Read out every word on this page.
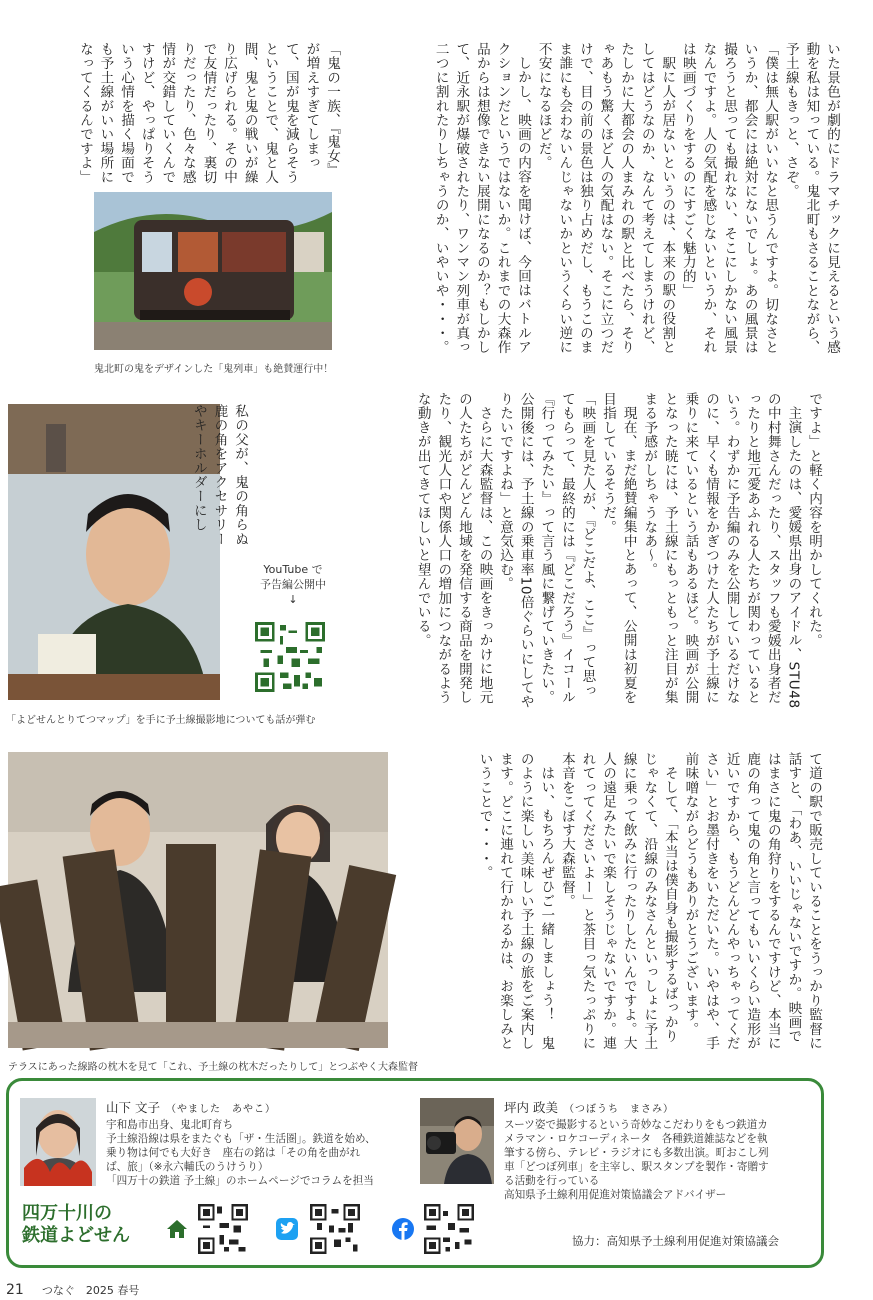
いた景色が劇的にドラマチックに見えるという感動を私は知っている。鬼北町もさることながら、予土線もきっと、さぞ。

「僕は無人駅がいいなと思うんですよ。切なさというか、都会には絶対にないでしょ。あの風景は撮ろうと思っても撮れない、そこにしかない風景なんですよ。人の気配を感じないというか、それは映画づくりをするのにすごく魅力的」

駅に人が居ないというのは、本来の駅の役割としてはどうなのか、なんて考えてしまうけれど、たしかに大都会の人まみれの駅と比べたら、そりゃあもう驚くほど人の気配はない。そこに立つだけで、目の前の景色は独り占めだし、もうこのまま誰にも会わないんじゃないかというくらい逆に不安になるほどだ。

しかし、映画の内容を聞けば、今回はバトルアクションだというではないか。これまでの大森作品からは想像できない展開になるのか？もしかして、近永駅が爆破されたり、ワンマン列車が真っ二つに割れたりしちゃうのか、いやいや・・・。

「鬼の一族、『鬼女』が増えすぎてしまって、国が鬼を減らそうということで、鬼と人間、鬼と鬼の戦いが繰り広げられる。その中で友情だったり、裏切りだったり、色々な感情が交錯していくんですけど、やっぱりそういう心情を描く場面でも予土線がいい場所になってくるんですよ」

鬼北町の鬼をデザインした「鬼列車」も絶賛運行中！

ですよ」と軽く内容を明かしてくれた。

主演したのは、愛媛県出身のアイドル、STU48の中村舞さんだったり、スタッフも愛媛出身者だったりと地元愛あふれる人たちが関わっているという。わずかに予告編のみを公開しているだけなのに、早くも情報をかぎつけた人たちが予土線に乗りに来ているという話もあるほど。映画が公開となった暁には、予土線にもっともっと注目が集まる予感がしちゃうなあ〜。

現在、まだ絶賛編集中とあって、公開は初夏を目指しているそうだ。

「映画を見た人が、『どこだよ、ここ』って思ってもらって、最終的には『どこだろう』イコール『行ってみたい』って言う風に繋げていきたい。公開後には、予土線の乗車率10倍ぐらいにしてやりたいですよね」と意気込む。

さらに大森監督は、この映画をきっかけに地元の人たちがどんどん地域を発信する商品を開発したり、観光人口や関係人口の増加につながるような動きが出てきてほしいと望んでいる。

「よどせんとりてつマップ」を手に予土線撮影地についても話が弾む

私の父が、鬼の角らぬ鹿の角をアクセサリーやキーホルダーにし

YouTube で
予告編公開中
↓
テラスにあった線路の枕木を見て「これ、予土線の枕木だったりして」とつぶやく大森監督

て道の駅で販売していることをうっかり監督に話すと、「わあ、いいじゃないですか。映画ではまさに鬼の角狩りをするんですけど、本当に鹿の角って鬼の角と言ってもいいくらい造形が近いですから、もうどんどんやっちゃってください」とお墨付きをいただいた。いやはや、手前味噌ながらどうもありがとうございます。

そして、「本当は僕自身も撮影するばっかりじゃなくて、沿線のみなさんといっしょに予土線に乗って飲みに行ったりしたいんですよ。大人の遠足みたいで楽しそうじゃないですか。連れてってくださいよー」と茶目っ気たっぷりに本音をこぼす大森監督。

はい、もちろんぜひご一緒しましょう！　鬼のように楽しい美味しい予土線の旅をご案内します。どこに連れて行かれるかは、お楽しみということで・・・。

山下 文子 （やました　あやこ）
宇和島市出身、鬼北町育ち
予土線沿線は県をまたぐも「ザ・生活圏」。鉄道を始め、
乗り物は何でも大好き　座右の銘は「その角を曲がれ
ば、旅」（※永六輔氏のうけうり）
「四万十の鉄道 予土線」のホームページでコラムを担当
坪内 政美 （つぼうち　まさみ）
スーツ姿で撮影するという奇妙なこだわりをもつ鉄道カ
メラマン・ロケコーディネータ　各種鉄道雑誌などを執
筆する傍ら、テレビ・ラジオにも多数出演。町おこし列
車「どつぼ列車」を主宰し、駅スタンプを製作・寄贈す
る活動を行っている
高知県予土線利用促進対策協議会アドバイザー
四万十川の
鉄道よどせん	協力：高知県予土線利用促進対策協議会
21 つなぐ　2025 春号
